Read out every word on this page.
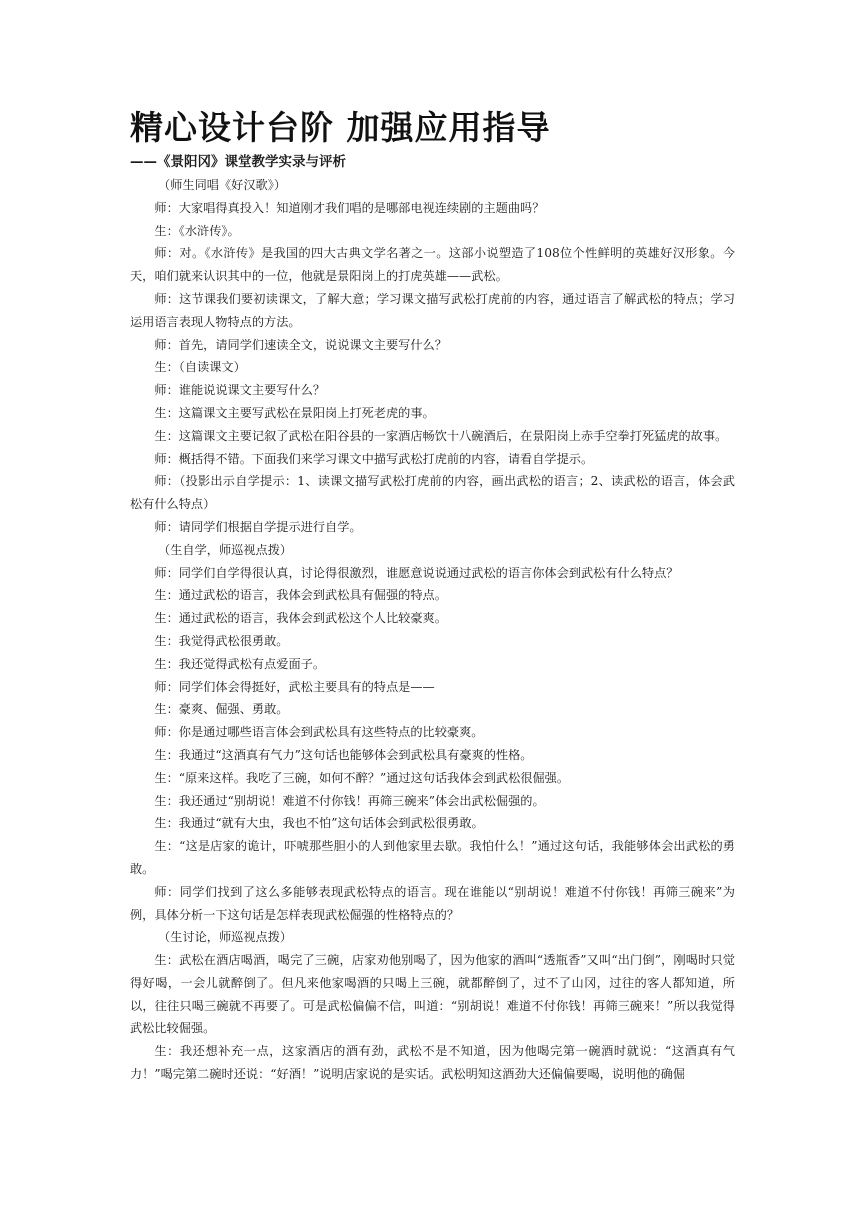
精心设计台阶 加强应用指导
——《景阳冈》课堂教学实录与评析

（师生同唱《好汉歌》）

师：大家唱得真投入！知道刚才我们唱的是哪部电视连续剧的主题曲吗？

生：《水浒传》。

师：对。《水浒传》是我国的四大古典文学名著之一。这部小说塑造了108位个性鲜明的英雄好汉形象。今天，咱们就来认识其中的一位，他就是景阳岗上的打虎英雄——武松。

师：这节课我们要初读课文，了解大意；学习课文描写武松打虎前的内容，通过语言了解武松的特点；学习运用语言表现人物特点的方法。

师：首先，请同学们速读全文，说说课文主要写什么？

生：（自读课文）

师：谁能说说课文主要写什么？

生：这篇课文主要写武松在景阳岗上打死老虎的事。

生：这篇课文主要记叙了武松在阳谷县的一家酒店畅饮十八碗酒后，在景阳岗上赤手空拳打死猛虎的故事。

师：概括得不错。下面我们来学习课文中描写武松打虎前的内容，请看自学提示。

师：（投影出示自学提示：1、读课文描写武松打虎前的内容，画出武松的语言；2、读武松的语言，体会武松有什么特点）

师：请同学们根据自学提示进行自学。

（生自学，师巡视点拨）

师：同学们自学得很认真，讨论得很激烈，谁愿意说说通过武松的语言你体会到武松有什么特点？

生：通过武松的语言，我体会到武松具有倔强的特点。

生：通过武松的语言，我体会到武松这个人比较豪爽。

生：我觉得武松很勇敢。

生：我还觉得武松有点爱面子。

师：同学们体会得挺好，武松主要具有的特点是——

生：豪爽、倔强、勇敢。

师：你是通过哪些语言体会到武松具有这些特点的比较豪爽。

生：我通过“这酒真有气力”这句话也能够体会到武松具有豪爽的性格。

生：“原来这样。我吃了三碗，如何不醉？”通过这句话我体会到武松很倔强。

生：我还通过“别胡说！难道不付你钱！再筛三碗来”体会出武松倔强的。

生：我通过“就有大虫，我也不怕”这句话体会到武松很勇敢。

生：“这是店家的诡计，吓唬那些胆小的人到他家里去歇。我怕什么！”通过这句话，我能够体会出武松的勇敢。

师：同学们找到了这么多能够表现武松特点的语言。现在谁能以“别胡说！难道不付你钱！再筛三碗来”为例，具体分析一下这句话是怎样表现武松倔强的性格特点的？

（生讨论，师巡视点拨）

生：武松在酒店喝酒，喝完了三碗，店家劝他别喝了，因为他家的酒叫“透瓶香”又叫“出门倒”，刚喝时只觉得好喝，一会儿就醉倒了。但凡来他家喝酒的只喝上三碗，就都醉倒了，过不了山冈，过往的客人都知道，所以，往往只喝三碗就不再要了。可是武松偏偏不信，叫道：“别胡说！难道不付你钱！再筛三碗来！”所以我觉得武松比较倔强。

生：我还想补充一点，这家酒店的酒有劲，武松不是不知道，因为他喝完第一碗酒时就说：“这酒真有气力！”喝完第二碗时还说：“好酒！”说明店家说的是实话。武松明知这酒劲大还偏偏要喝，说明他的确倔
